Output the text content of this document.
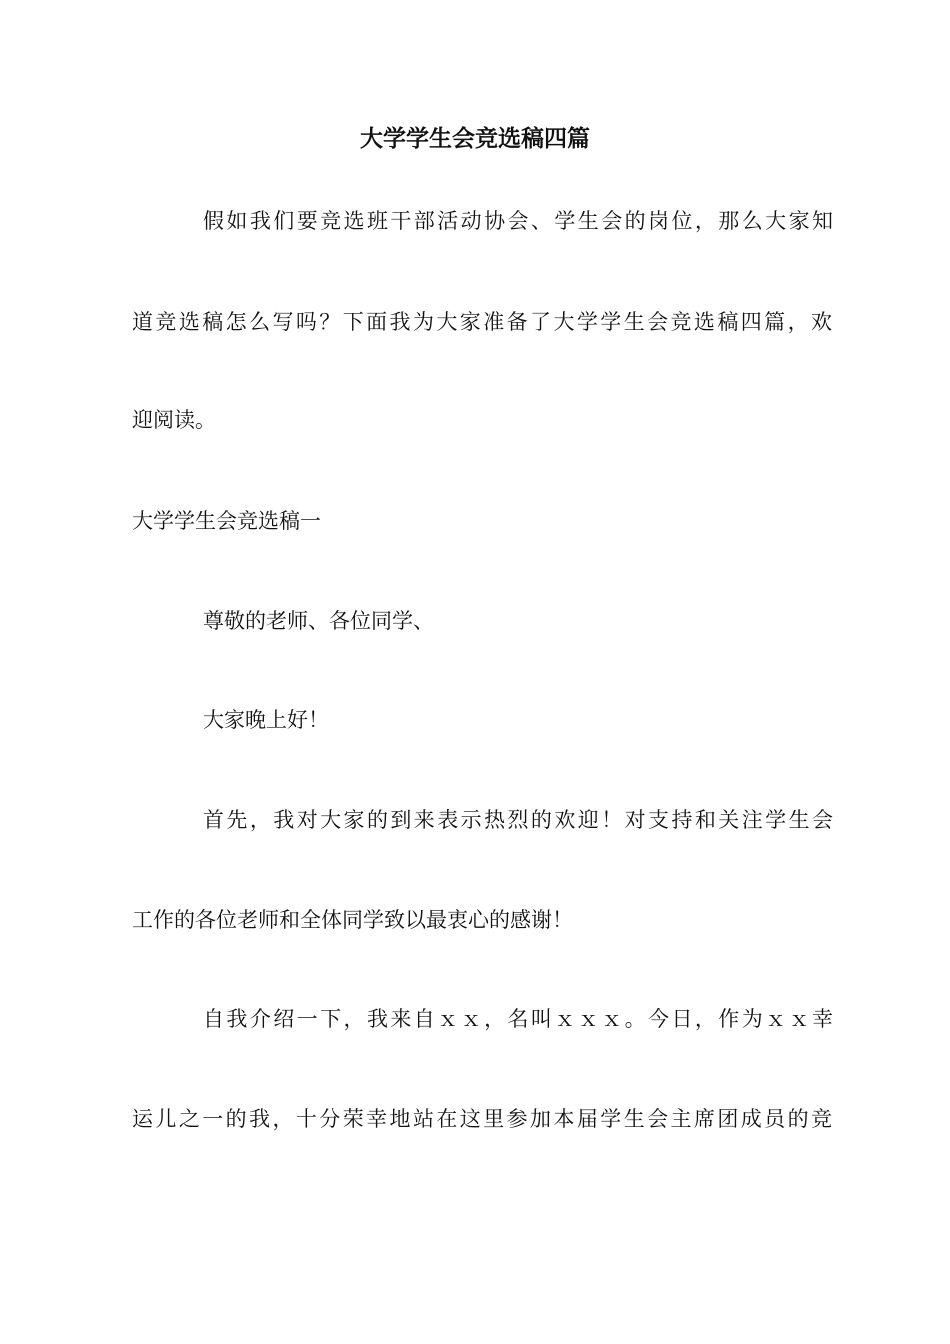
大学学生会竞选稿四篇
假如我们要竞选班干部活动协会、学生会的岗位，那么大家知
道竞选稿怎么写吗？下面我为大家准备了大学学生会竞选稿四篇，欢
迎阅读。
大学学生会竞选稿一
尊敬的老师、各位同学、
大家晚上好！
首先，我对大家的到来表示热烈的欢迎！对支持和关注学生会
工作的各位老师和全体同学致以最衷心的感谢！
自我介绍一下，我来自ｘｘ，名叫ｘｘｘ。今日，作为ｘｘ幸
运儿之一的我，十分荣幸地站在这里参加本届学生会主席团成员的竞
